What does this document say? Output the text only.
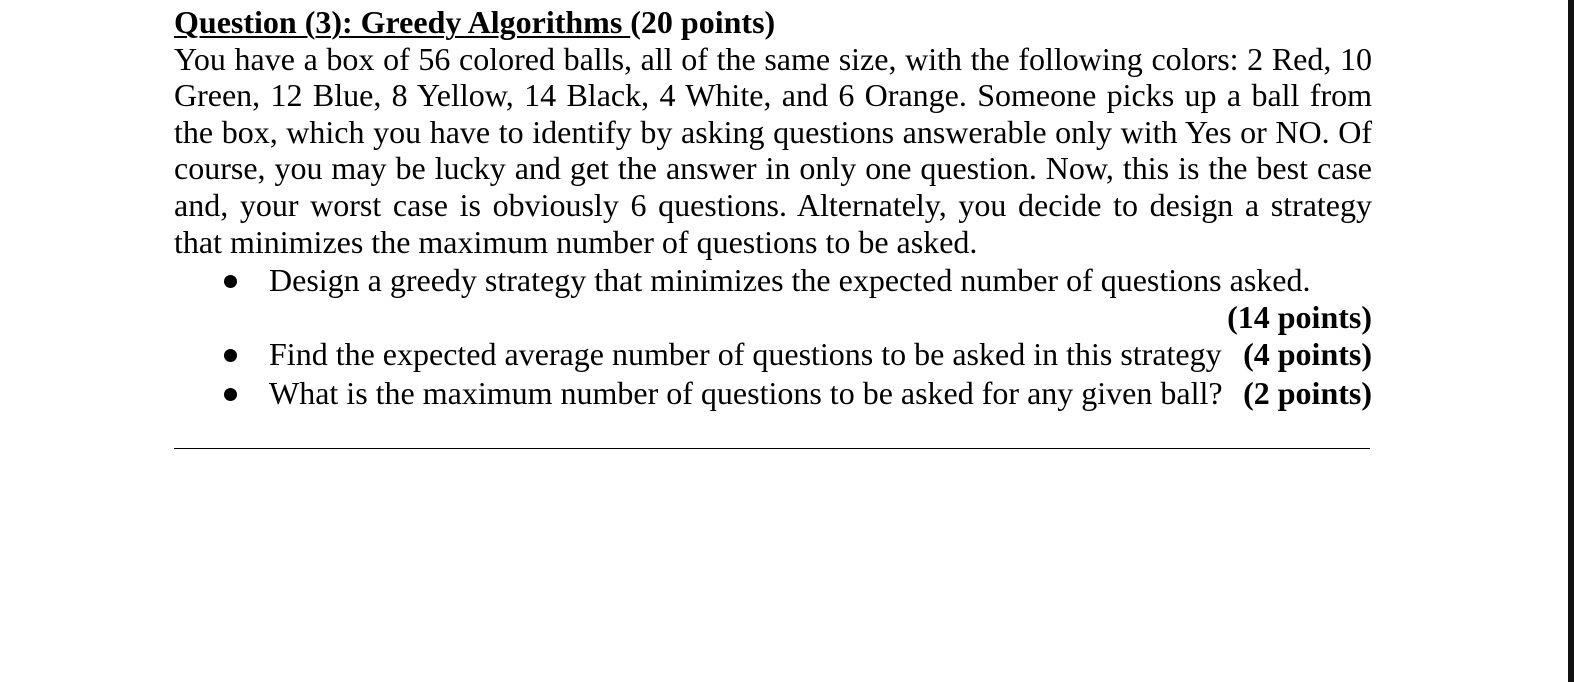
Question (3): Greedy Algorithms (20 points)

You have a box of 56 colored balls, all of the same size, with the following colors: 2 Red, 10 Green, 12 Blue, 8 Yellow, 14 Black, 4 White, and 6 Orange. Someone picks up a ball from the box, which you have to identify by asking questions answerable only with Yes or NO. Of course, you may be lucky and get the answer in only one question. Now, this is the best case and, your worst case is obviously 6 questions. Alternately, you decide to design a strategy that minimizes the maximum number of questions to be asked.

Design a greedy strategy that minimizes the expected number of questions asked.
(14 points)
Find the expected average number of questions to be asked in this strategy (4 points)
What is the maximum number of questions to be asked for any given ball? (2 points)
